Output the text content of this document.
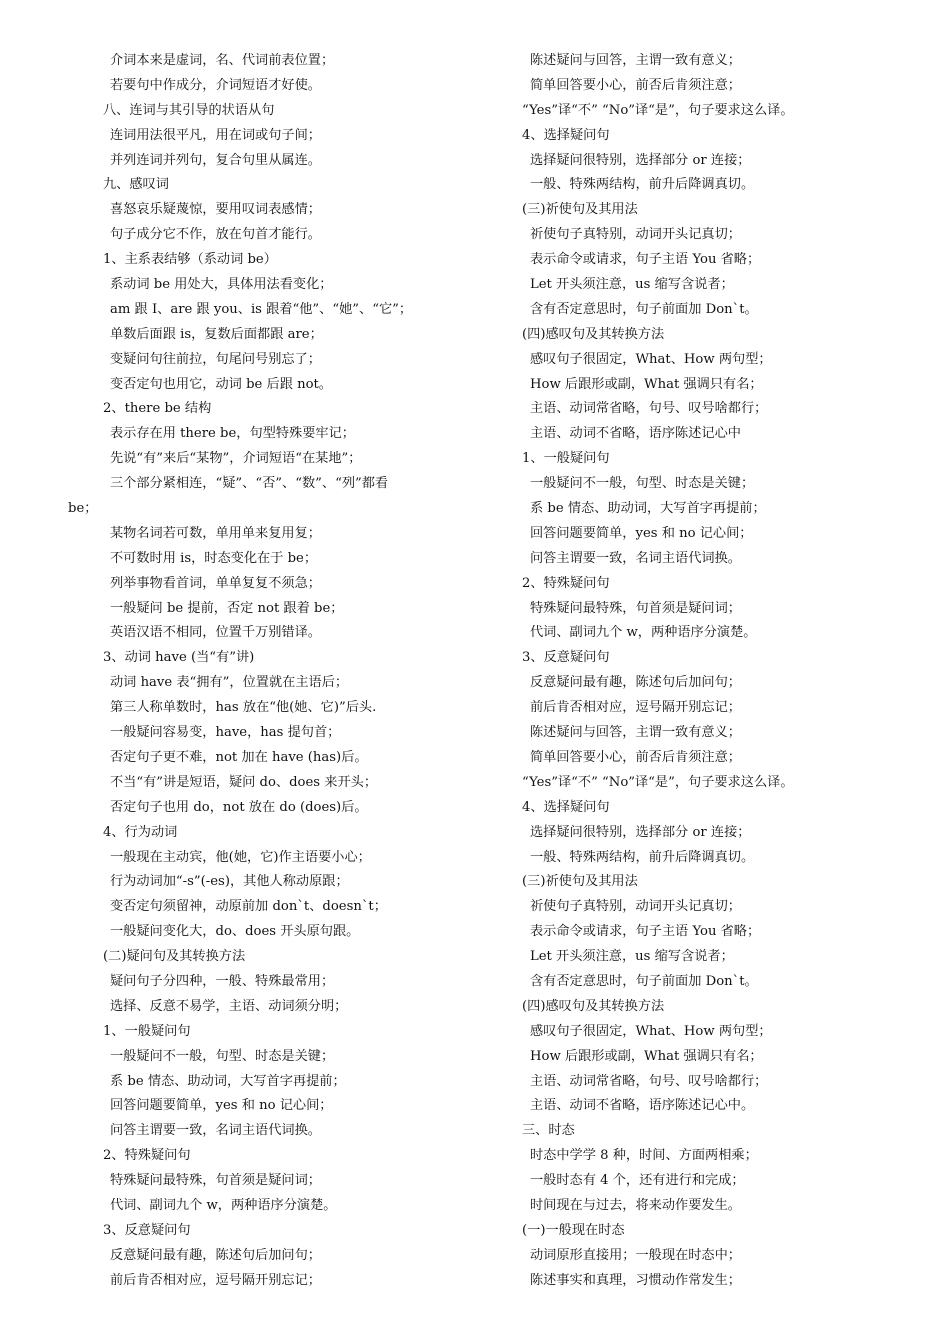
介词本来是虚词，名、代词前表位置；
若要句中作成分，介词短语才好使。
八、连词与其引导的状语从句
连词用法很平凡，用在词或句子间；
并列连词并列句，复合句里从属连。
九、感叹词
喜怒哀乐疑蔑惊，要用叹词表感情；
句子成分它不作，放在句首才能行。
1、主系表结够（系动词 be）
系动词 be 用处大，具体用法看变化；
am 跟 I、are 跟 you、is 跟着“他”、“她”、“它”；
单数后面跟 is，复数后面都跟 are；
变疑问句往前拉，句尾问号别忘了；
变否定句也用它，动词 be 后跟 not。
2、there be 结构
表示存在用 there be，句型特殊要牢记；
先说“有”来后“某物”，介词短语“在某地”；
三个部分紧相连，“疑”、“否”、“数”、“列”都看
be；
某物名词若可数，单用单来复用复；
不可数时用 is，时态变化在于 be；
列举事物看首词，单单复复不须急；
一般疑问 be 提前，否定 not 跟着 be；
英语汉语不相同，位置千万别错译。
3、动词 have (当“有”讲)
动词 have 表“拥有”，位置就在主语后；
第三人称单数时，has 放在“他(她、它)”后头.
一般疑问容易变，have，has 提句首；
否定句子更不难，not 加在 have (has)后。
不当“有”讲是短语，疑问 do、does 来开头；
否定句子也用 do，not 放在 do (does)后。
4、行为动词
一般现在主动宾，他(她，它)作主语要小心；
行为动词加“-s”(-es)，其他人称动原跟；
变否定句须留神，动原前加 don`t、doesn`t；
一般疑问变化大，do、does 开头原句跟。
(二)疑问句及其转换方法
疑问句子分四种，一般、特殊最常用；
选择、反意不易学，主语、动词须分明；
1、一般疑问句
一般疑问不一般，句型、时态是关键；
系 be 情态、助动词，大写首字再提前；
回答问题要简单，yes 和 no 记心间；
问答主谓要一致，名词主语代词换。
2、特殊疑问句
特殊疑问最特殊，句首须是疑问词；
代词、副词九个 w，两种语序分演楚。
3、反意疑问句
反意疑问最有趣，陈述句后加问句；
前后肯否相对应，逗号隔开别忘记；
陈述疑问与回答，主谓一致有意义；
简单回答要小心，前否后肯须注意；
“Yes”译“不” “No”译“是”，句子要求这么译。
4、选择疑问句
选择疑问很特别，选择部分 or 连接；
一般、特殊两结构，前升后降调真切。
(三)祈使句及其用法
祈使句子真特别，动词开头记真切；
表示命令或请求，句子主语 You 省略；
Let 开头须注意，us 缩写含说者；
含有否定意思时，句子前面加 Don`t。
(四)感叹句及其转换方法
感叹句子很固定，What、How 两句型；
How 后跟形或副，What 强调只有名；
主语、动词常省略，句号、叹号啥都行；
主语、动词不省略，语序陈述记心中
1、一般疑问句
一般疑问不一般，句型、时态是关键；
系 be 情态、助动词，大写首字再提前；
回答问题要简单，yes 和 no 记心间；
问答主谓要一致，名词主语代词换。
2、特殊疑问句
特殊疑问最特殊，句首须是疑问词；
代词、副词九个 w，两种语序分演楚。
3、反意疑问句
反意疑问最有趣，陈述句后加问句；
前后肯否相对应，逗号隔开别忘记；
陈述疑问与回答，主谓一致有意义；
简单回答要小心，前否后肯须注意；
“Yes”译“不” “No”译“是”，句子要求这么译。
4、选择疑问句
选择疑问很特别，选择部分 or 连接；
一般、特殊两结构，前升后降调真切。
(三)祈使句及其用法
祈使句子真特别，动词开头记真切；
表示命令或请求，句子主语 You 省略；
Let 开头须注意，us 缩写含说者；
含有否定意思时，句子前面加 Don`t。
(四)感叹句及其转换方法
感叹句子很固定，What、How 两句型；
How 后跟形或副，What 强调只有名；
主语、动词常省略，句号、叹号啥都行；
主语、动词不省略，语序陈述记心中。
三、时态
时态中学学 8 种，时间、方面两相乘；
一般时态有 4 个，还有进行和完成；
时间现在与过去，将来动作要发生。
(一)一般现在时态
动词原形直接用；一般现在时态中；
陈述事实和真理，习惯动作常发生；
